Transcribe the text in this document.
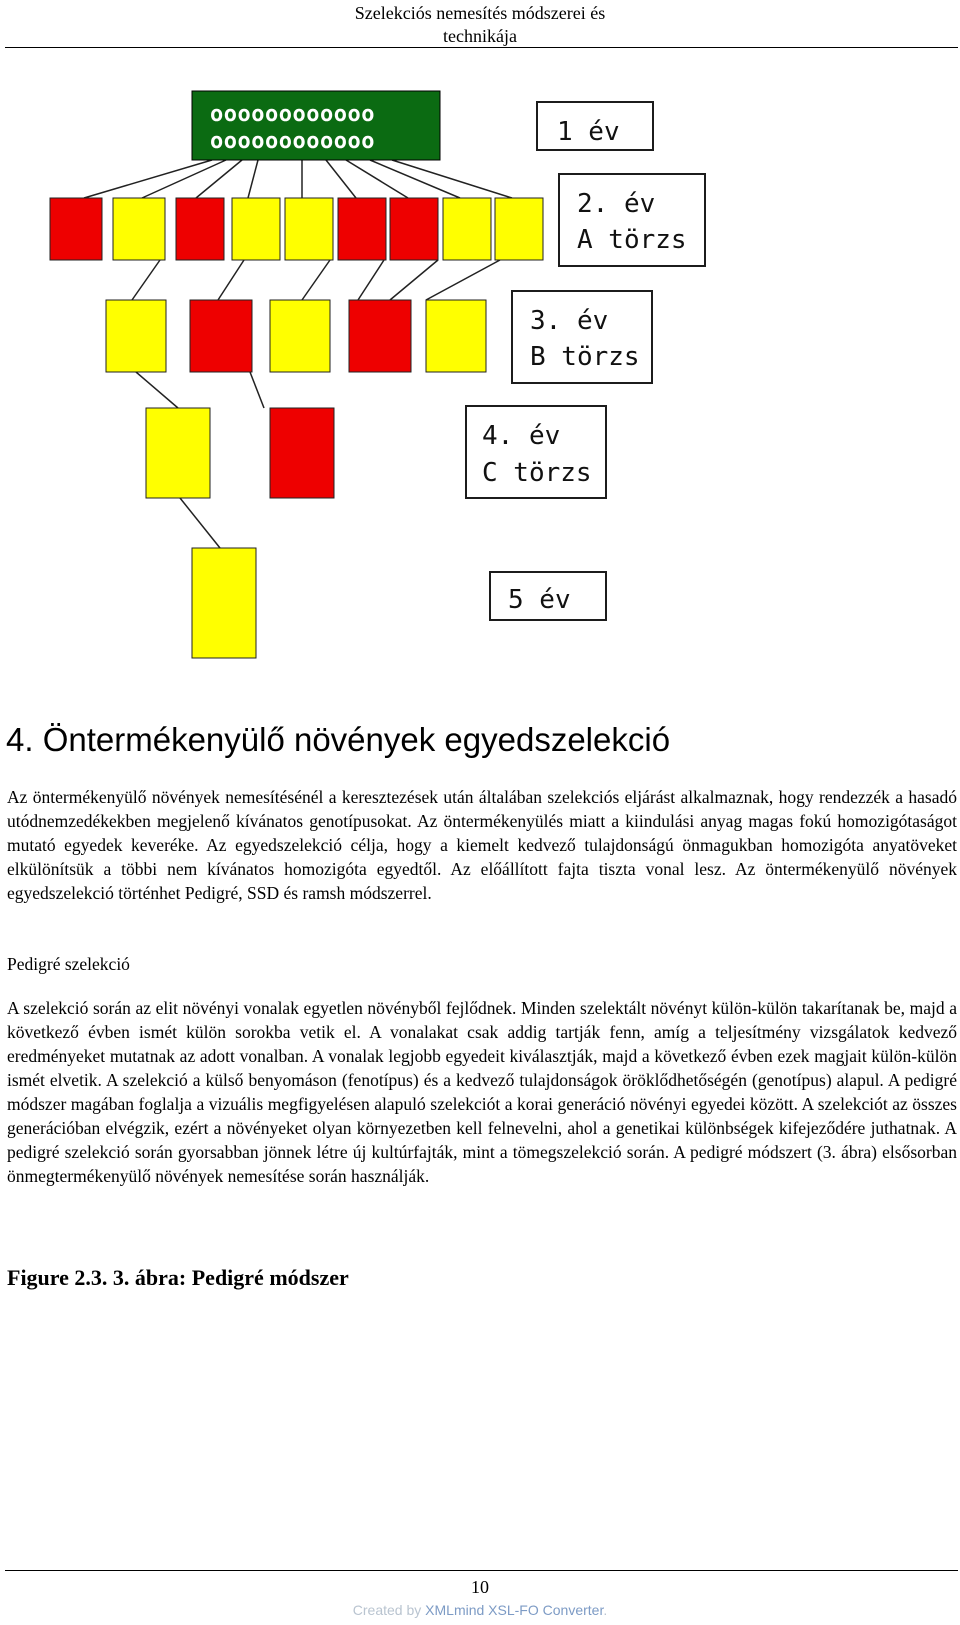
Szelekciós nemesítés módszerei és
technikája
oooooooooooo
oooooooooooo	1 év
2. év
A törzs
3. év
B törzs
4. év
C törzs
5 év
4. Öntermékenyülő növények egyedszelekció

Az öntermékenyülő növények nemesítésénél a keresztezések után általában szelekciós eljárást alkalmaznak, hogy rendezzék a hasadó utódnemzedékekben megjelenő kívánatos genotípusokat. Az öntermékenyülés miatt a kiindulási anyag magas fokú homozigótaságot mutató egyedek keveréke. Az egyedszelekció célja, hogy a kiemelt kedvező tulajdonságú önmagukban homozigóta anyatöveket elkülönítsük a többi nem kívánatos homozigóta egyedtől. Az előállított fajta tiszta vonal lesz. Az öntermékenyülő növények egyedszelekció történhet Pedigré, SSD és ramsh módszerrel.

Pedigré szelekció

A szelekció során az elit növényi vonalak egyetlen növényből fejlődnek. Minden szelektált növényt külön-külön takarítanak be, majd a következő évben ismét külön sorokba vetik el. A vonalakat csak addig tartják fenn, amíg a teljesítmény vizsgálatok kedvező eredményeket mutatnak az adott vonalban. A vonalak legjobb egyedeit kiválasztják, majd a következő évben ezek magjait külön-külön ismét elvetik. A szelekció a külső benyomáson (fenotípus) és a kedvező tulajdonságok öröklődhetőségén (genotípus) alapul. A pedigré módszer magában foglalja a vizuális megfigyelésen alapuló szelekciót a korai generáció növényi egyedei között. A szelekciót az összes generációban elvégzik, ezért a növényeket olyan környezetben kell felnevelni, ahol a genetikai különbségek kifejeződére juthatnak. A pedigré szelekció során gyorsabban jönnek létre új kultúrfajták, mint a tömegszelekció során. A pedigré módszert (3. ábra) elsősorban önmegtermékenyülő növények nemesítése során használják.

Figure 2.3. 3. ábra: Pedigré módszer

10
Created by XMLmind XSL-FO Converter.
